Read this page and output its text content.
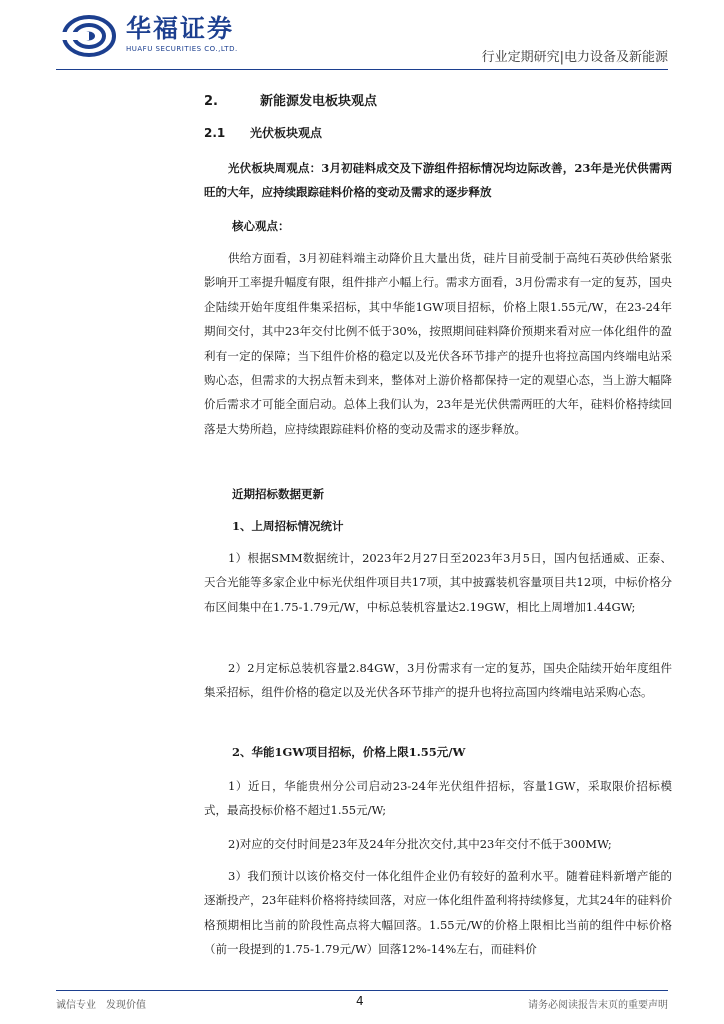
华福证券
HUAFU SECURITIES CO.,LTD.
行业定期研究|电力设备及新能源
2.	新能源发电板块观点
2.1 光伏板块观点
光伏板块周观点：3月初硅料成交及下游组件招标情况均边际改善，23年是光伏供需两旺的大年，应持续跟踪硅料价格的变动及需求的逐步释放
核心观点：
供给方面看，3月初硅料端主动降价且大量出货，硅片目前受制于高纯石英砂供给紧张影响开工率提升幅度有限，组件排产小幅上行。需求方面看，3月份需求有一定的复苏，国央企陆续开始年度组件集采招标，其中华能1GW项目招标，价格上限1.55元/W，在23-24年期间交付，其中23年交付比例不低于30%，按照期间硅料降价预期来看对应一体化组件的盈利有一定的保障；当下组件价格的稳定以及光伏各环节排产的提升也将拉高国内终端电站采购心态，但需求的大拐点暂未到来，整体对上游价格都保持一定的观望心态，当上游大幅降价后需求才可能全面启动。总体上我们认为，23年是光伏供需两旺的大年，硅料价格持续回落是大势所趋，应持续跟踪硅料价格的变动及需求的逐步释放。
近期招标数据更新
1、上周招标情况统计
1）根据SMM数据统计，2023年2月27日至2023年3月5日，国内包括通威、正泰、天合光能等多家企业中标光伏组件项目共17项，其中披露装机容量项目共12项，中标价格分布区间集中在1.75-1.79元/W，中标总装机容量达2.19GW，相比上周增加1.44GW;
2）2月定标总装机容量2.84GW，3月份需求有一定的复苏，国央企陆续开始年度组件集采招标，组件价格的稳定以及光伏各环节排产的提升也将拉高国内终端电站采购心态。
2、华能1GW项目招标，价格上限1.55元/W
1）近日，华能贵州分公司启动23-24年光伏组件招标，容量1GW，采取限价招标模式，最高投标价格不超过1.55元/W;
2)对应的交付时间是23年及24年分批次交付,其中23年交付不低于300MW;
3）我们预计以该价格交付一体化组件企业仍有较好的盈利水平。随着硅料新增产能的逐渐投产，23年硅料价格将持续回落，对应一体化组件盈利将持续修复，尤其24年的硅料价格预期相比当前的阶段性高点将大幅回落。1.55元/W的价格上限相比当前的组件中标价格（前一段提到的1.75-1.79元/W）回落12%-14%左右，而硅料价
诚信专业　发现价值	4	请务必阅读报告末页的重要声明
